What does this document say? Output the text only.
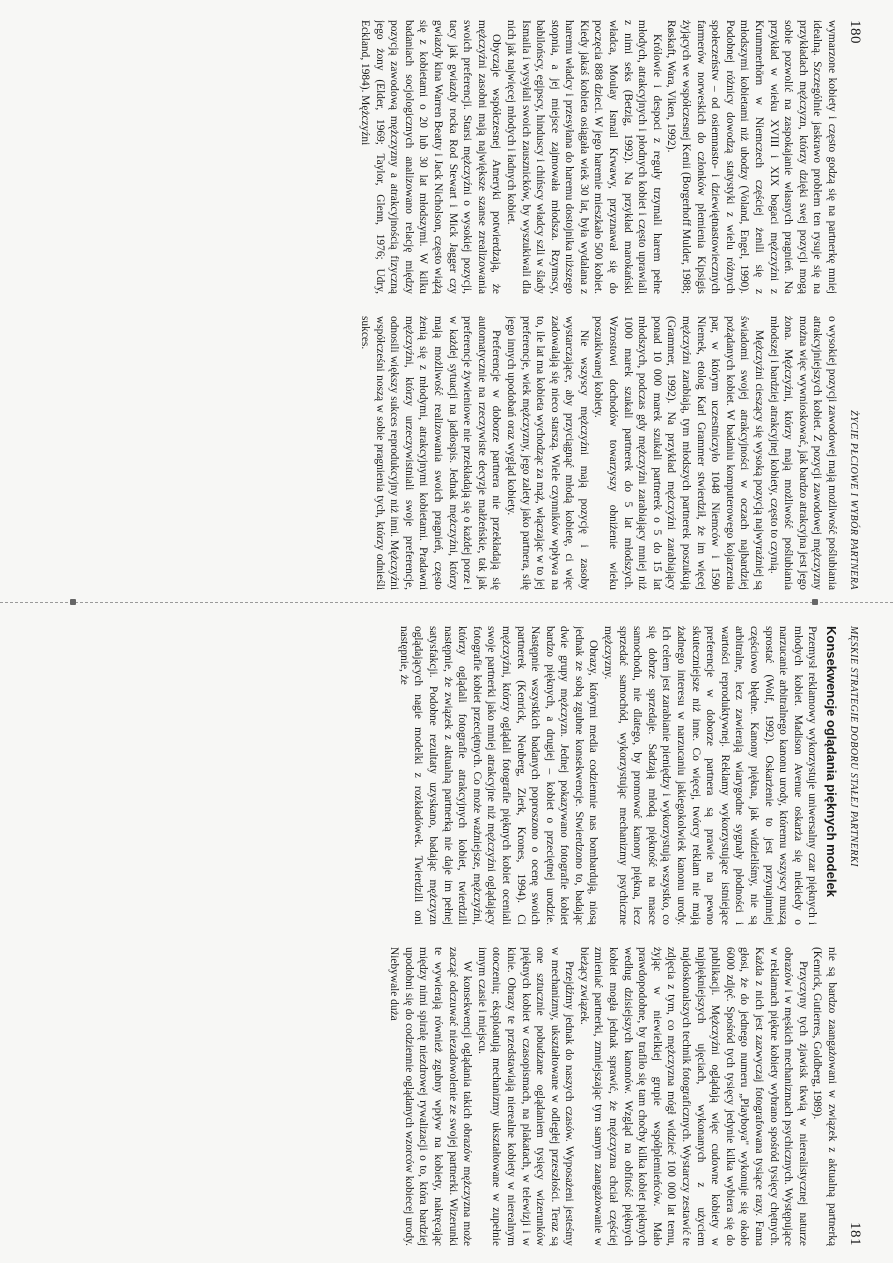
180
ŻYCIE PŁCIOWE I WYBÓR PARTNERA

wymarzone kobiety i często godzą się na partnerkę mniej idealną. Szczególnie jaskrawo problem ten rysuje się na przykładach mężczyzn, którzy dzięki swej pozycji mogą sobie pozwolić na zaspokajanie własnych pragnień. Na przykład w wieku XVIII i XIX bogaci mężczyźni z Krummerhörn w Niemczech częściej żenili się z młodszymi kobietami niż ubodzy (Voland, Engel, 1990). Podobnej różnicy dowodzą statystyki z wielu różnych społeczeństw – od osiemnasto- i dziewiętnastowiecznych farmerów norweskich do członków plemienia Kipsigis żyjących we współczesnej Kenii (Borgerhoff Mulder, 1988; Røskaft, Wara, Viken, 1992).

Królowie i despoci z reguły trzymali harem pełne młodych, atrakcyjnych i płodnych kobiet i często uprawiali z nimi seks (Betzig, 1992). Na przykład marokański władca, Moulay Ismail Krwawy, przyznawał się do poczęcia 888 dzieci. W jego haremie mieszkało 500 kobiet. Kiedy jakaś kobieta osiągała wiek 30 lat, była wydalana z haremu władcy i przesyłana do haremu dostojnika niższego stopnia, a jej miejsce zajmowała młodsza. Rzymscy, babilońscy, egipscy, hinduscy i chińscy władcy szli w ślady Ismaila i wysyłali swoich zausznicków, by wyszukiwali dla nich jak najwięcej młodych i ładnych kobiet.

Obyczaje współczesnej Ameryki potwierdzają, że mężczyźni zasobni mają największe szanse zrealizowania swoich preferencji. Starsi mężczyźni o wysokiej pozycji, tacy jak gwiazdy rocka Rod Stewart i Mick Jagger czy gwiazdy kina Warren Beatty i Jack Nicholson, często wiążą się z kobietami o 20 lub 30 lat młodszymi. W kilku badaniach socjologicznych analizowano relację między pozycją zawodową mężczyzny a atrakcyjnością fizyczną jego żony (Elder, 1969; Taylor, Glenn, 1976; Udry, Eckland, 1984). Mężczyźni

o wysokiej pozycji zawodowej mają możliwość poślubiania atrakcyjniejszych kobiet. Z pozycji zawodowej mężczyzny można więc wywnioskować, jak bardzo atrakcyjna jest jego żona. Mężczyźni, którzy mają możliwość poślubiania młodszej i bardziej atrakcyjnej kobiety, często to czynią.

Mężczyźni cieszący się wysoką pozycją najwyraźniej są świadomi swojej atrakcyjności w oczach najbardziej pożądanych kobiet. W badaniu komputerowego kojarzenia par, w którym uczestniczyło 1048 Niemców i 1590 Niemek, etolog Karl Grammer stwierdził, że im więcej mężczyźni zarabiają, tym młodszych partnerek poszukują (Grammer, 1992). Na przykład mężczyźni zarabiający ponad 10 000 marek szukali partnerek o 5 do 15 lat młodszych, podczas gdy mężczyźni zarabiający mniej niż 1000 marek szukali partnerek do 5 lat młodszych. Wzrostowi dochodów towarzyszy obniżenie wieku poszukiwanej kobiety.

Nie wszyscy mężczyźni mają pozycję i zasoby wystarczające, aby przyciągnąć młodą kobietę, ci więc zadowalają się nieco starszą. Wiele czynników wpływa na to, ile lat ma kobieta wychodząc za mąż, włączając w to jej preferencje, wiek mężczyzny, jego zalety jako partnera, siłę jego innych upodobań oraz wygląd kobiety.

Preferencje w doborze partnera nie przekładają się automatycznie na rzeczywiste decyzje małżeńskie, tak jak preferencje żywieniowe nie przekładają się o każdej porze i w każdej sytuacji na jadłospis. Jednak mężczyźni, którzy mają możliwość realizowania swoich pragnień, często żenią się z młodymi, atrakcyjnymi kobietami. Pradawni mężczyźni, którzy urzeczywistniali swoje preferencje, odnosili większy sukces reprodukcyjny niż inni. Mężczyźni współcześni noszą w sobie pragnienia tych, którzy odnieśli sukces.

MĘSKIE STRATEGIE DOBORU STAŁEJ PARTNERKI
181
Konsekwencje oglądania pięknych modelek

Przemysł reklamowy wykorzystuje uniwersalny czar pięknych i młodych kobiet. Madison Avenue oskarża się niekiedy o narzucanie arbitralnego kanonu urody, któremu wszyscy muszą sprostać (Wolf, 1992). Oskarżenie to jest przynajmniej częściowo błędne. Kanony piękna, jak widzieliśmy, nie są arbitralne, lecz zawierają wiarygodne sygnały płodności i wartości reproduktywnej. Reklamy wykorzystujące istniejące preferencje w doborze partnera są prawie na pewno skuteczniejsze niż inne. Co więcej, twórcy reklam nie mają żadnego interesu w narzucaniu jakiegokolwiek kanonu urody. Ich celem jest zarabianie pieniędzy i wykorzystują wszystko, co się dobrze sprzedaje. Sadzają młodą piękność na masce samochodu, nie dlatego, by promować kanony piękna, lecz sprzedać samochód, wykorzystując mechanizmy psychiczne mężczyzny.

Obrazy, którymi media codziennie nas bombardują, niosą jednak ze sobą zgubne konsekwencje. Stwierdzono to, badając dwie grupy mężczyzn. Jednej pokazywano fotografie kobiet bardzo pięknych, a drugiej – kobiet o przeciętnej urodzie. Następnie wszystkich badanych poproszono o ocenę swoich partnerek (Kenrick, Neuberg, Zierk, Krones, 1994). Ci mężczyźni, którzy oglądali fotografie pięknych kobiet oceniali swoje partnerki jako mniej atrakcyjne niż mężczyźni oglądający fotografie kobiet przeciętnych. Co może ważniejsze, mężczyźni, którzy oglądali fotografie atrakcyjnych kobiet, twierdzili następnie, że związek z aktualną partnerką nie daje im pełnej satysfakcji. Podobne rezultaty uzyskano, badając mężczyzn oglądających nagie modelki z rozkładówek. Twierdzili oni następnie, że

nie są bardzo zaangażowani w związek z aktualną partnerką (Kenrick, Gutierres, Goldberg, 1989).

Przyczyny tych zjawisk tkwią w nierealistycznej naturze obrazów i w męskich mechanizmach psychicznych. Występujące w reklamach piękne kobiety wybrano spośród tysięcy chętnych. Każda z nich jest zazwyczaj fotografowana tysiące razy. Fama głosi, że do jednego numeru „Playboya" wykonuje się około 6000 zdjęć. Spośród tych tysięcy jedynie kilka wybiera się do publikacji. Mężczyźni oglądają więc cudowne kobiety w najpiękniejszych ujęciach, wykonanych z użyciem najdoskonalszych technik fotograficznych. Wystarczy zestawić te zdjęcia z tym, co mężczyzna mógł widzieć 100 000 lat temu, żyjąc w niewielkiej grupie współplemieńców. Mało prawdopodobne, by trafiło się tam choćby kilka kobiet pięknych według dzisiejszych kanonów. Wzgląd na obfitość pięknych kobiet mogła jednak sprawić, że mężczyzna chciał częściej zmieniać partnerki, zmniejszając tym samym zaangażowanie w bieżący związek.

Przejdźmy jednak do naszych czasów. Wyposażeni jesteśmy w mechanizmy, ukształtowane w odległej przeszłości. Teraz są one sztucznie pobudzane oglądaniem tysięcy wizerunków pięknych kobiet w czasopismach, na plakatach, w telewizji i w kinie. Obrazy te przedstawiają nierealne kobiety w nierealnym otoczeniu; eksploatują mechanizmy ukształtowane w zupełnie innym czasie i miejscu.

W konsekwencji oglądania takich obrazów mężczyzna może zacząć odczuwać niezadowolenie ze swojej partnerki. Wizerunki te wywierają również zgubny wpływ na kobiety, nakręcając między nimi spiralę niezdrowej rywalizacji o to, która bardziej upodobni się do codziennie oglądanych wzorców kobiecej urody. Niebywale duża
